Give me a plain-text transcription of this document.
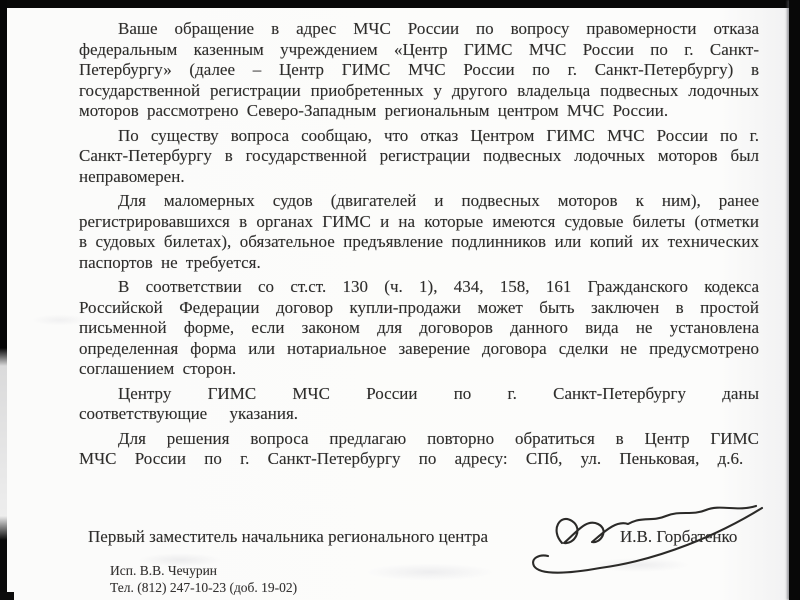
Ваше обращение в адрес МЧС России по вопросу правомерности отказа федеральным казенным учреждением «Центр ГИМС МЧС России по г. Санкт-Петербургу» (далее – Центр ГИМС МЧС России по г. Санкт-Петербургу) в государственной регистрации приобретенных у другого владельца подвесных лодочных моторов рассмотрено Северо-Западным региональным центром МЧС России.

По существу вопроса сообщаю, что отказ Центром ГИМС МЧС России по г. Санкт-Петербургу в государственной регистрации подвесных лодочных моторов был неправомерен.

Для маломерных судов (двигателей и подвесных моторов к ним), ранее регистрировавшихся в органах ГИМС и на которые имеются судовые билеты (отметки в судовых билетах), обязательное предъявление подлинников или копий их технических паспортов не требуется.

В соответствии со ст.ст. 130 (ч. 1), 434, 158, 161 Гражданского кодекса Российской Федерации договор купли-продажи может быть заключен в простой письменной форме, если законом для договоров данного вида не установлена определенная форма или нотариальное заверение договора сделки не предусмотрено соглашением сторон.

Центру ГИМС МЧС России по г. Санкт-Петербургу даны соответствующие указания.

Для решения вопроса предлагаю повторно обратиться в Центр ГИМС МЧС России по г. Санкт-Петербургу по адресу: СПб, ул. Пеньковая, д.6.

Первый заместитель начальника регионального центра	И.В. Горбатенко
Исп. В.В. Чечурин
Тел. (812) 247-10-23 (доб. 19-02)
